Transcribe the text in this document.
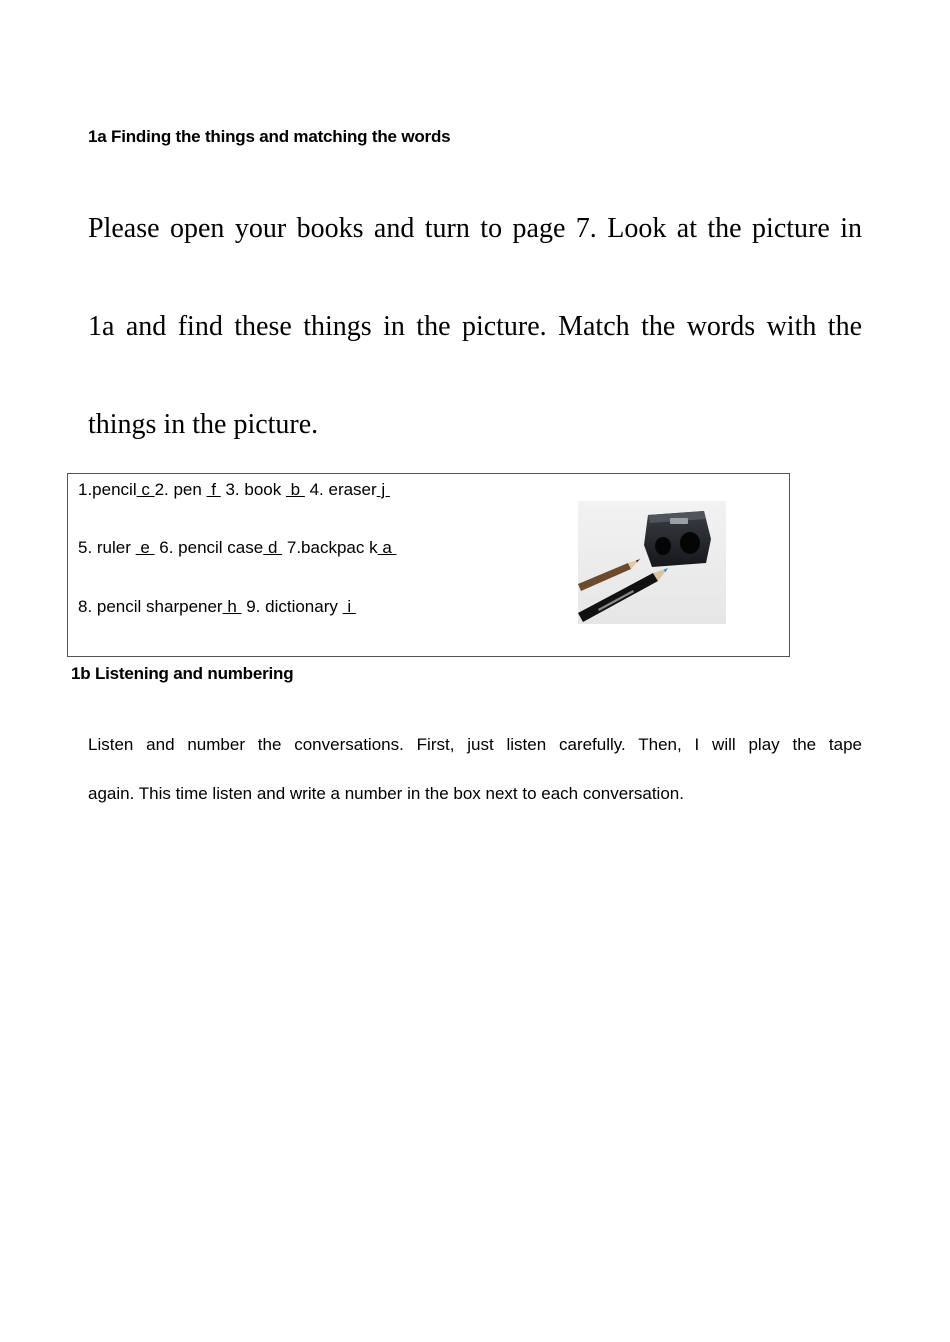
1a Finding the things and matching the words
Please open your books and turn to page 7. Look at the picture in
1a and find these things in the picture. Match the words with the
things in the picture.
1.pencil c 2. pen  f  3. book  b  4. eraser j
5. ruler  e  6. pencil case d  7.backpac k a
8. pencil sharpener h  9. dictionary  i
1b Listening and numbering
Listen and number the conversations. First, just listen carefully. Then, I will play the tape
again. This time listen and write a number in the box next to each conversation.
